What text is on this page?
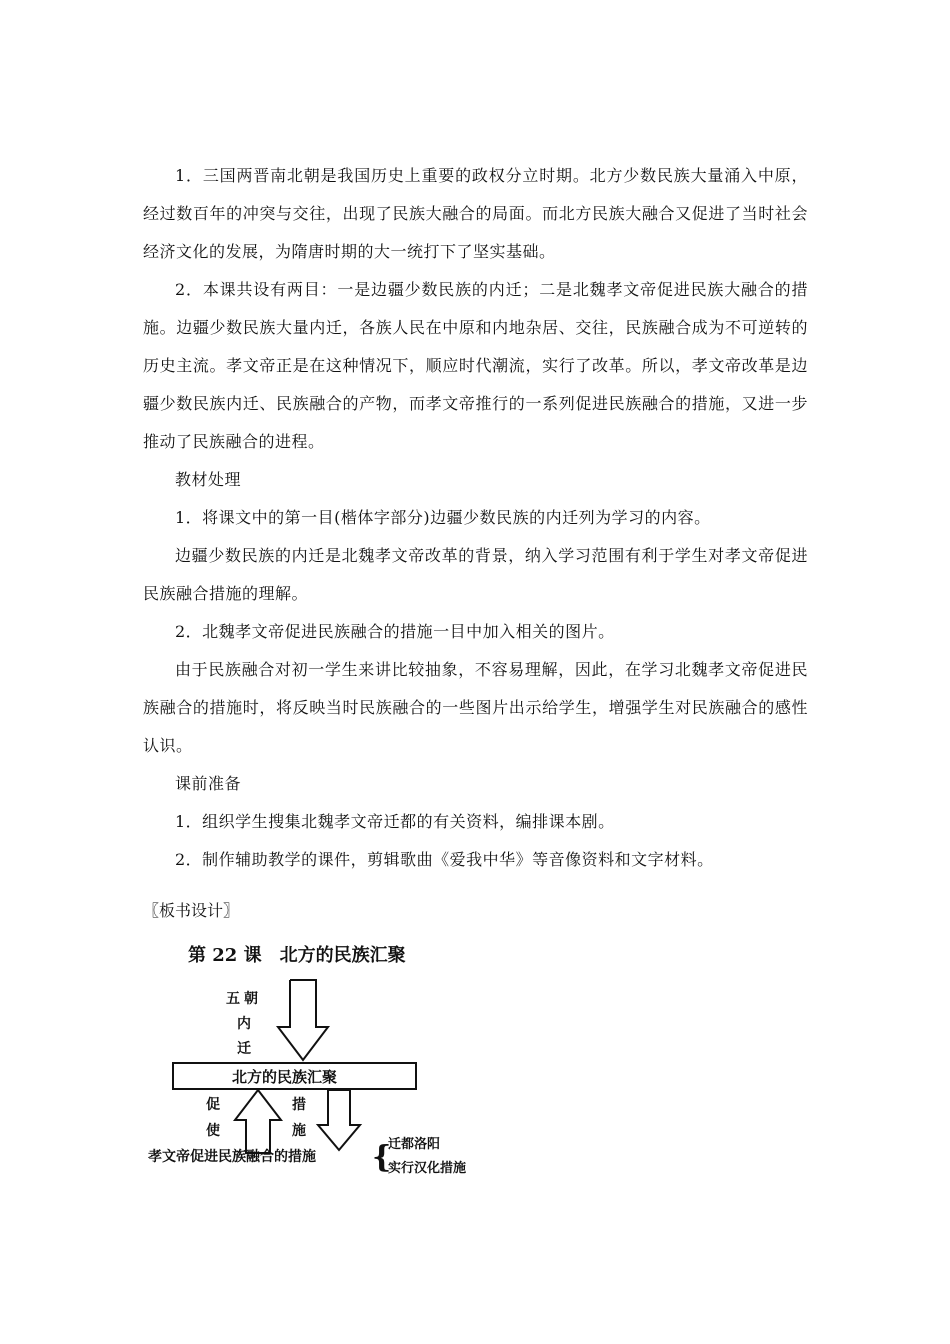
1．三国两晋南北朝是我国历史上重要的政权分立时期。北方少数民族大量涌入中原，经过数百年的冲突与交往，出现了民族大融合的局面。而北方民族大融合又促进了当时社会经济文化的发展，为隋唐时期的大一统打下了坚实基础。

2．本课共设有两目：一是边疆少数民族的内迁；二是北魏孝文帝促进民族大融合的措施。边疆少数民族大量内迁，各族人民在中原和内地杂居、交往，民族融合成为不可逆转的历史主流。孝文帝正是在这种情况下，顺应时代潮流，实行了改革。所以，孝文帝改革是边疆少数民族内迁、民族融合的产物，而孝文帝推行的一系列促进民族融合的措施，又进一步推动了民族融合的进程。

教材处理

1．将课文中的第一目(楷体字部分)边疆少数民族的内迁列为学习的内容。

边疆少数民族的内迁是北魏孝文帝改革的背景，纳入学习范围有利于学生对孝文帝促进民族融合措施的理解。

2．北魏孝文帝促进民族融合的措施一目中加入相关的图片。

由于民族融合对初一学生来讲比较抽象，不容易理解，因此，在学习北魏孝文帝促进民族融合的措施时，将反映当时民族融合的一些图片出示给学生，增强学生对民族融合的感性认识。

课前准备

1．组织学生搜集北魏孝文帝迁都的有关资料，编排课本剧。

2．制作辅助教学的课件，剪辑歌曲《爱我中华》等音像资料和文字材料。

〖板书设计〗
第 22 课　北方的民族汇聚
五 朝
内
迁
北方的民族汇聚
促
使
措
施
孝文帝促进民族融合的措施 {
迁都洛阳
实行汉化措施
